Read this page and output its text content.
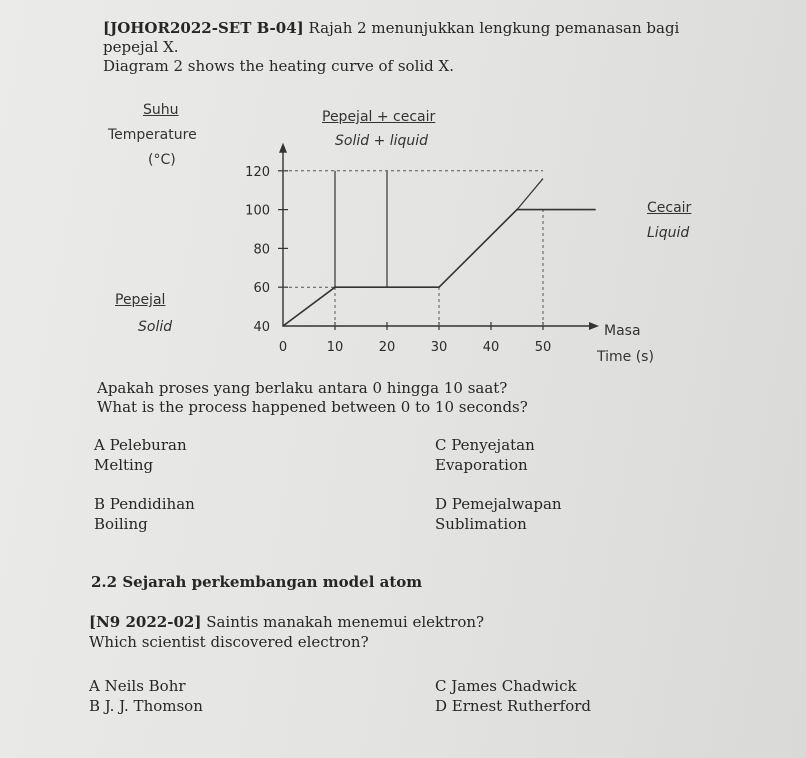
[JOHOR2022-SET B-04] Rajah 2 menunjukkan lengkung pemanasan bagi
pepejal X.
Diagram 2 shows the heating curve of solid X.
Suhu
Temperature
(°C)
Pepejal + cecair
Solid + liquid
Cecair
Liquid
Pepejal
Solid	Masa
Time (s)
40
60
80
100
120
0	10	20	30	40	50
Apakah proses yang berlaku antara 0 hingga 10 saat?
What is the process happened between 0 to 10 seconds?
A Peleburan
Melting
C Penyejatan
Evaporation
B Pendidihan
Boiling
D Pemejalwapan
Sublimation
2.2 Sejarah perkembangan model atom
[N9 2022-02] Saintis manakah menemui elektron?
Which scientist discovered electron?
A Neils Bohr	C James Chadwick
B J. J. Thomson	D Ernest Rutherford
